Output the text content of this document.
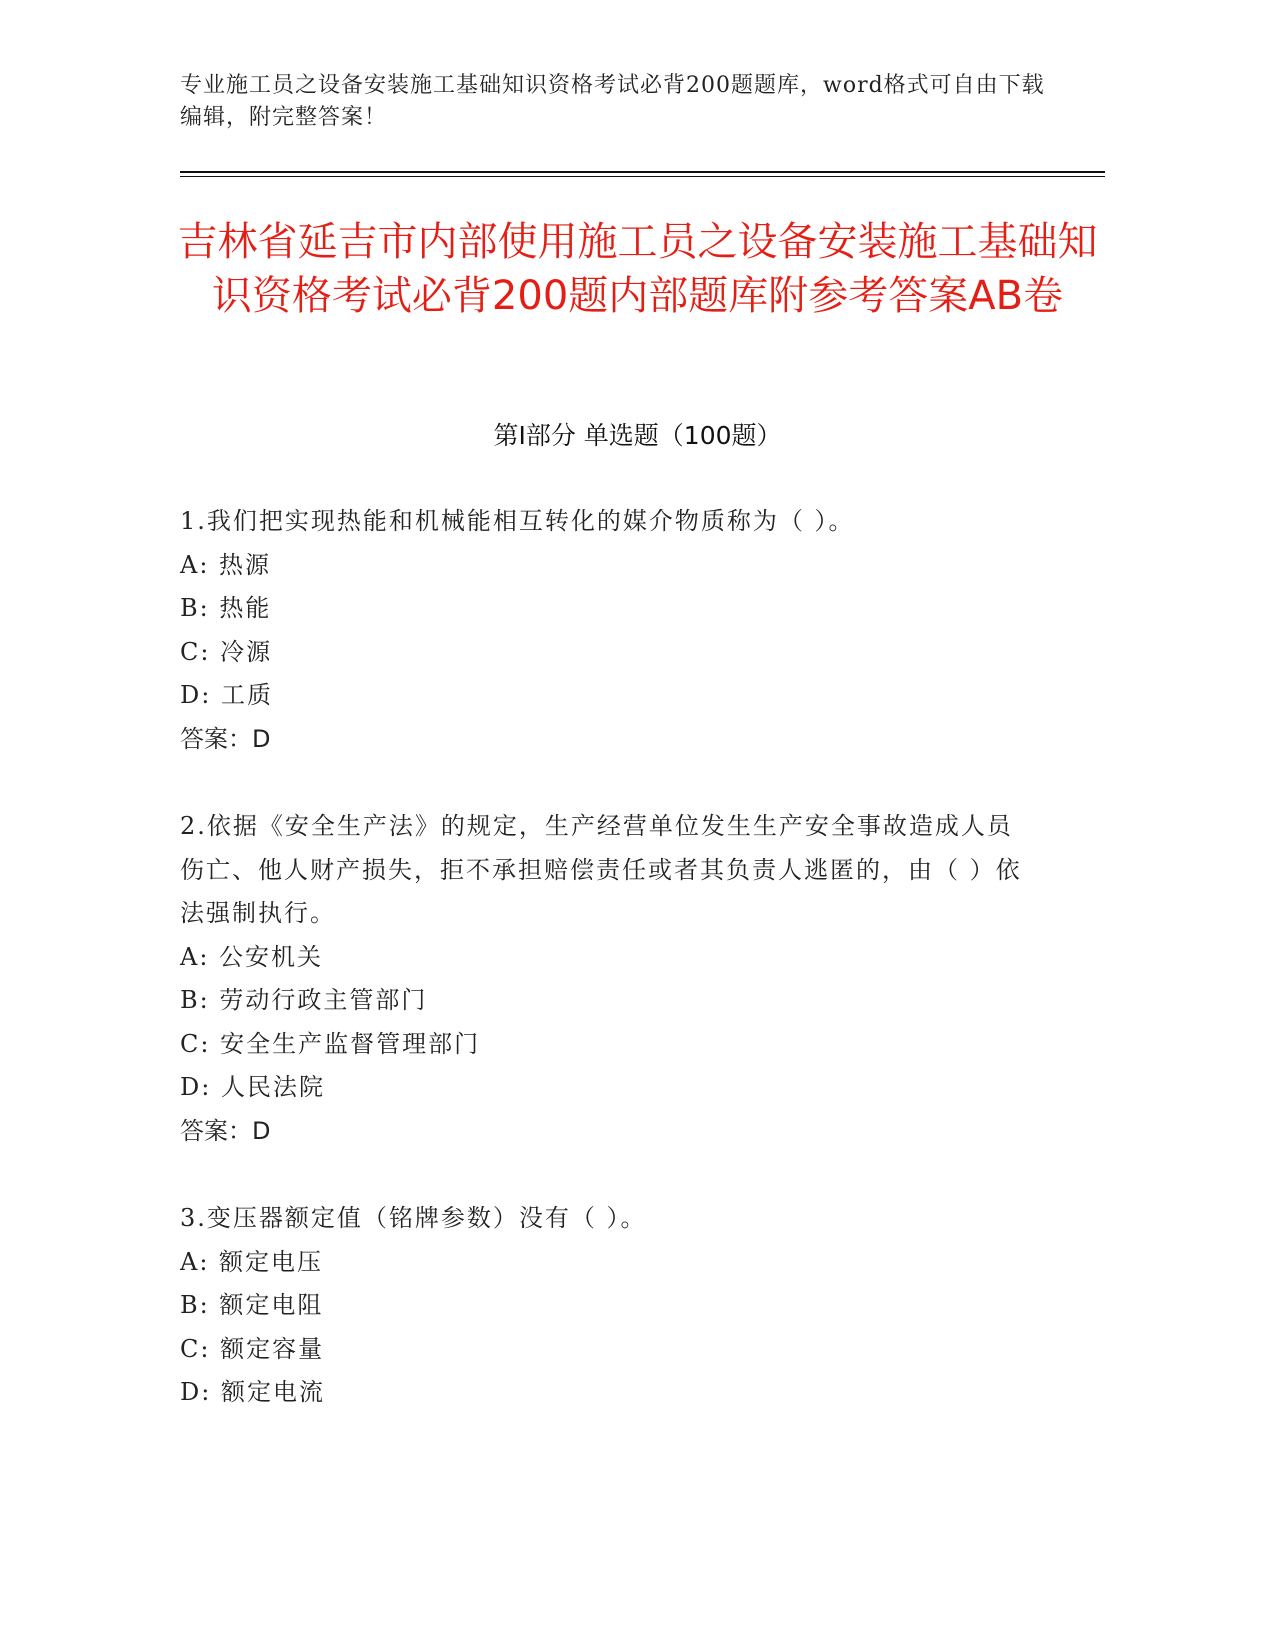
专业施工员之设备安装施工基础知识资格考试必背200题题库，word格式可自由下载编辑，附完整答案！
吉林省延吉市内部使用施工员之设备安装施工基础知识资格考试必背200题内部题库附参考答案AB卷
第I部分 单选题（100题）

1.我们把实现热能和机械能相互转化的媒介物质称为（ ）。

A: 热源

B: 热能

C: 冷源

D: 工质

答案：D

2.依据《安全生产法》的规定，生产经营单位发生生产安全事故造成人员伤亡、他人财产损失，拒不承担赔偿责任或者其负责人逃匿的，由（ ）依法强制执行。

A: 公安机关

B: 劳动行政主管部门

C: 安全生产监督管理部门

D: 人民法院

答案：D

3.变压器额定值（铭牌参数）没有（ ）。

A: 额定电压

B: 额定电阻

C: 额定容量

D: 额定电流
